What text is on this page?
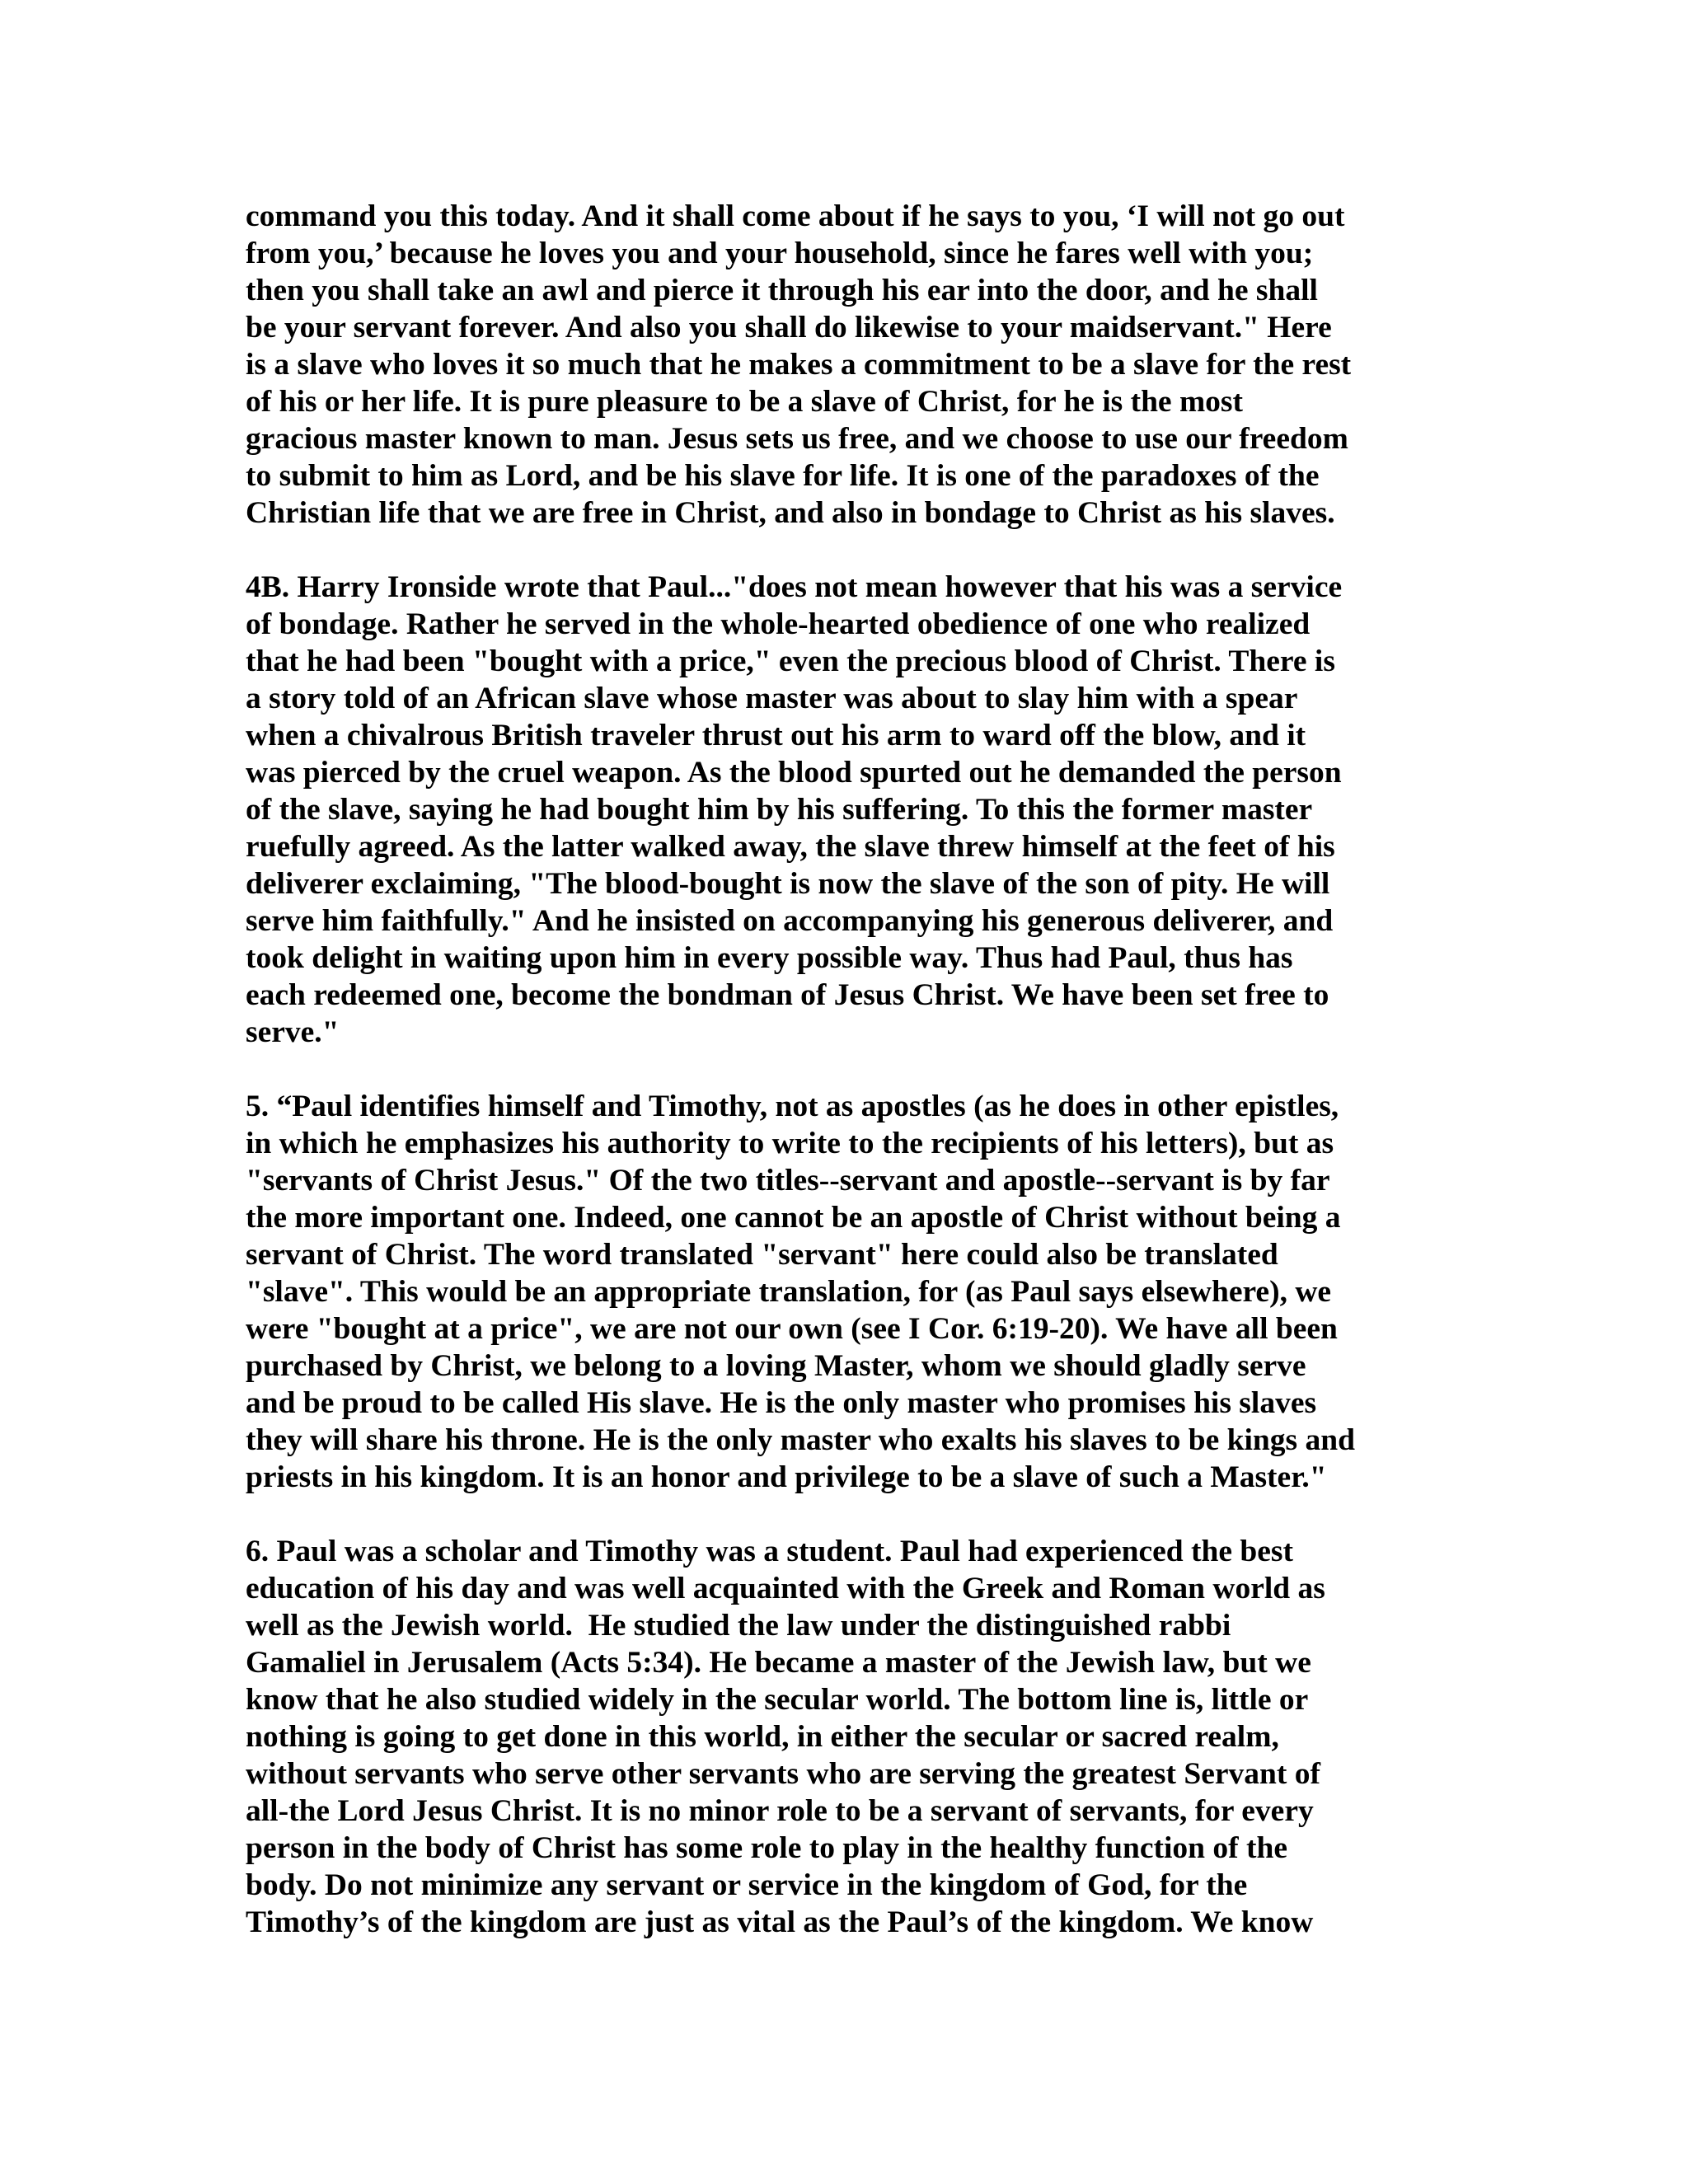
command you this today. And it shall come about if he says to you, ‘I will not go out
from you,’ because he loves you and your household, since he fares well with you;
then you shall take an awl and pierce it through his ear into the door, and he shall
be your servant forever. And also you shall do likewise to your maidservant." Here
is a slave who loves it so much that he makes a commitment to be a slave for the rest
of his or her life. It is pure pleasure to be a slave of Christ, for he is the most
gracious master known to man. Jesus sets us free, and we choose to use our freedom
to submit to him as Lord, and be his slave for life. It is one of the paradoxes of the
Christian life that we are free in Christ, and also in bondage to Christ as his slaves.

4B. Harry Ironside wrote that Paul..."does not mean however that his was a service
of bondage. Rather he served in the whole-hearted obedience of one who realized
that he had been "bought with a price," even the precious blood of Christ. There is
a story told of an African slave whose master was about to slay him with a spear
when a chivalrous British traveler thrust out his arm to ward off the blow, and it
was pierced by the cruel weapon. As the blood spurted out he demanded the person
of the slave, saying he had bought him by his suffering. To this the former master
ruefully agreed. As the latter walked away, the slave threw himself at the feet of his
deliverer exclaiming, "The blood-bought is now the slave of the son of pity. He will
serve him faithfully." And he insisted on accompanying his generous deliverer, and
took delight in waiting upon him in every possible way. Thus had Paul, thus has
each redeemed one, become the bondman of Jesus Christ. We have been set free to
serve."

5. “Paul identifies himself and Timothy, not as apostles (as he does in other epistles,
in which he emphasizes his authority to write to the recipients of his letters), but as
"servants of Christ Jesus." Of the two titles--servant and apostle--servant is by far
the more important one. Indeed, one cannot be an apostle of Christ without being a
servant of Christ. The word translated "servant" here could also be translated
"slave". This would be an appropriate translation, for (as Paul says elsewhere), we
were "bought at a price", we are not our own (see I Cor. 6:19-20). We have all been
purchased by Christ, we belong to a loving Master, whom we should gladly serve
and be proud to be called His slave. He is the only master who promises his slaves
they will share his throne. He is the only master who exalts his slaves to be kings and
priests in his kingdom. It is an honor and privilege to be a slave of such a Master."

6. Paul was a scholar and Timothy was a student. Paul had experienced the best
education of his day and was well acquainted with the Greek and Roman world as
well as the Jewish world.  He studied the law under the distinguished rabbi
Gamaliel in Jerusalem (Acts 5:34). He became a master of the Jewish law, but we
know that he also studied widely in the secular world. The bottom line is, little or
nothing is going to get done in this world, in either the secular or sacred realm,
without servants who serve other servants who are serving the greatest Servant of
all-the Lord Jesus Christ. It is no minor role to be a servant of servants, for every
person in the body of Christ has some role to play in the healthy function of the
body. Do not minimize any servant or service in the kingdom of God, for the
Timothy’s of the kingdom are just as vital as the Paul’s of the kingdom. We know
